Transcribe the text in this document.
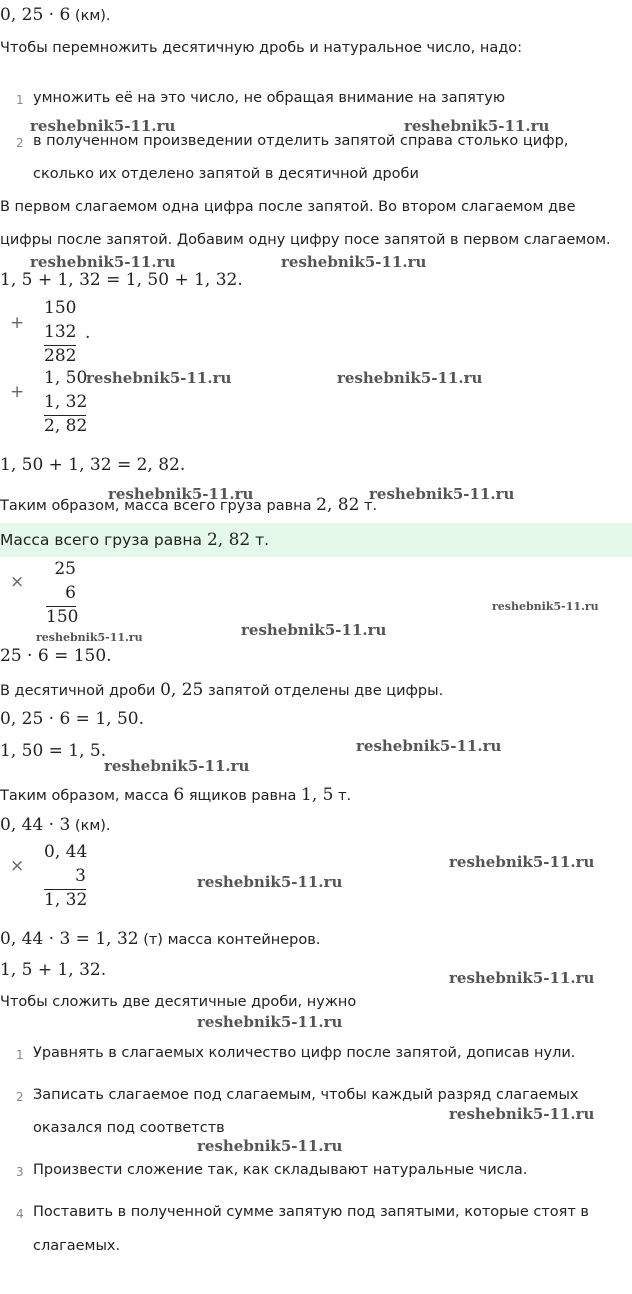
0, 25 · 6 (км).
Чтобы перемножить десятичную дробь и натуральное число, надо:
1 умножить её на это число, не обращая внимание на запятую
2 в полученном произведении отделить запятой справа столько цифр,
сколько их отделено запятой в десятичной дроби
В первом слагаемом одна цифра после запятой. Во втором слагаемом две
цифры после запятой. Добавим одну цифру посе запятой в первом слагаемом.
1, 5 + 1, 32 = 1, 50 + 1, 32.
+
150
132
282
.
+
1, 50
1, 32
2, 82
1, 50 + 1, 32 = 2, 82.
Таким образом, масса всего груза равна 2, 82 т.
Масса всего груза равна 2, 82 т.
×
25
6
150
25 · 6 = 150.
В десятичной дроби 0, 25 запятой отделены две цифры.
0, 25 · 6 = 1, 50.
1, 50 = 1, 5.
Таким образом, масса 6 ящиков равна 1, 5 т.
0, 44 · 3 (км).
×
0, 44
3
1, 32
0, 44 · 3 = 1, 32 (т) масса контейнеров.
1, 5 + 1, 32.
Чтобы сложить две десятичные дроби, нужно
1 Уравнять в слагаемых количество цифр после запятой, дописав нули.
2 Записать слагаемое под слагаемым, чтобы каждый разряд слагаемых
оказался под соответств
3 Произвести сложение так, как складывают натуральные числа.
4 Поставить в полученной сумме запятую под запятыми, которые стоят в
слагаемых.
reshebnik5-11.ru	reshebnik5-11.ru
reshebnik5-11.ru	reshebnik5-11.ru
reshebnik5-11.ru	reshebnik5-11.ru
reshebnik5-11.ru	reshebnik5-11.ru
reshebnik5-11.ru
reshebnik5-11.ru
reshebnik5-11.ru
reshebnik5-11.ru
reshebnik5-11.ru
reshebnik5-11.ru
reshebnik5-11.ru
reshebnik5-11.ru
reshebnik5-11.ru
reshebnik5-11.ru
reshebnik5-11.ru
